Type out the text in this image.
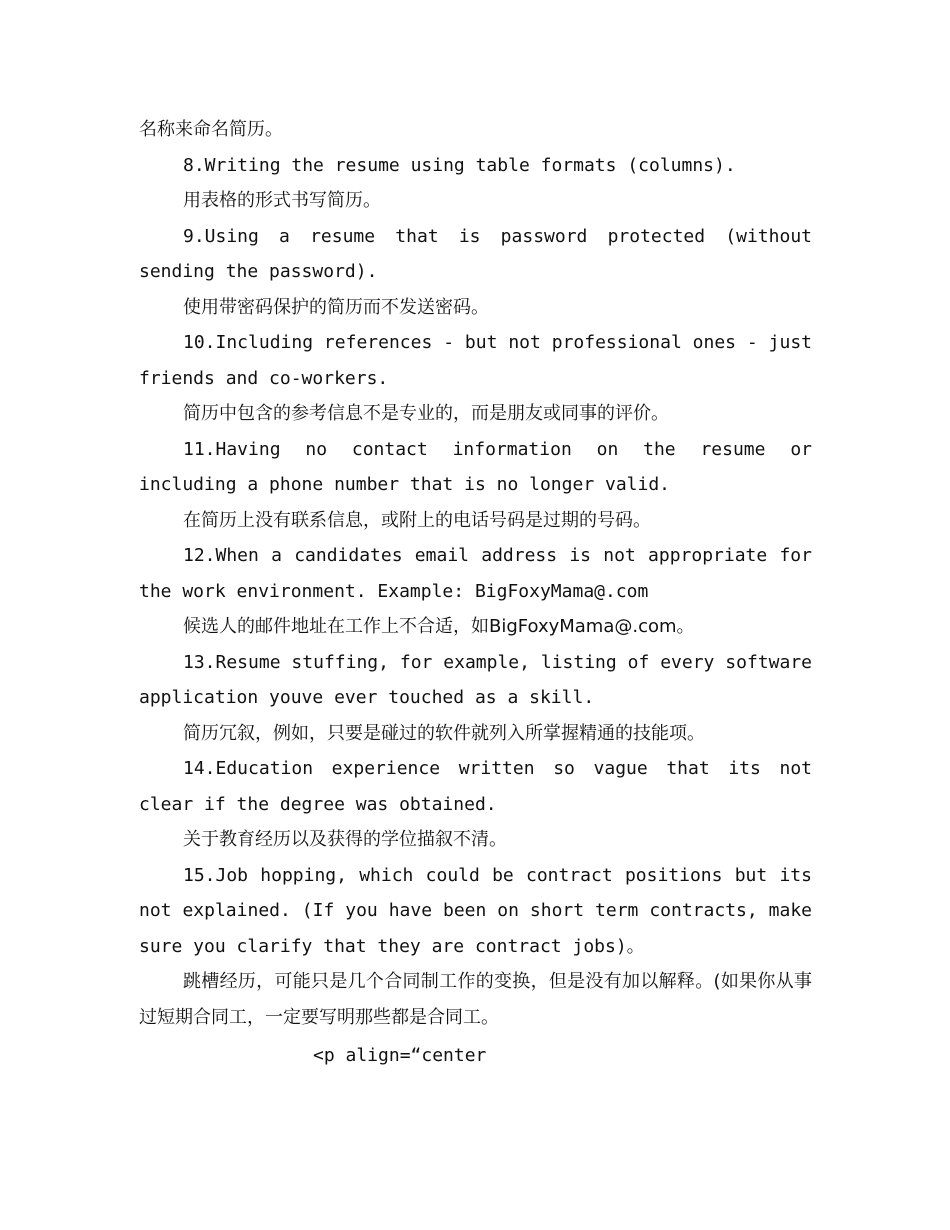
名称来命名简历。

8.Writing the resume using table formats (columns).

用表格的形式书写简历。

9.Using a resume that is password protected (without sending the password).

使用带密码保护的简历而不发送密码。

10.Including references - but not professional ones - just friends and co-workers.

简历中包含的参考信息不是专业的，而是朋友或同事的评价。

11.Having no contact information on the resume or including a phone number that is no longer valid.

在简历上没有联系信息，或附上的电话号码是过期的号码。

12.When a candidates email address is not appropriate for the work environment. Example: BigFoxyMama@.com

候选人的邮件地址在工作上不合适，如BigFoxyMama@.com。

13.Resume stuffing, for example, listing of every software application youve ever touched as a skill.

简历冗叙，例如，只要是碰过的软件就列入所掌握精通的技能项。

14.Education experience written so vague that its not clear if the degree was obtained.

关于教育经历以及获得的学位描叙不清。

15.Job hopping, which could be contract positions but its not explained. (If you have been on short term contracts, make sure you clarify that they are contract jobs)。

跳槽经历，可能只是几个合同制工作的变换，但是没有加以解释。(如果你从事过短期合同工，一定要写明那些都是合同工。

<p align=“center
